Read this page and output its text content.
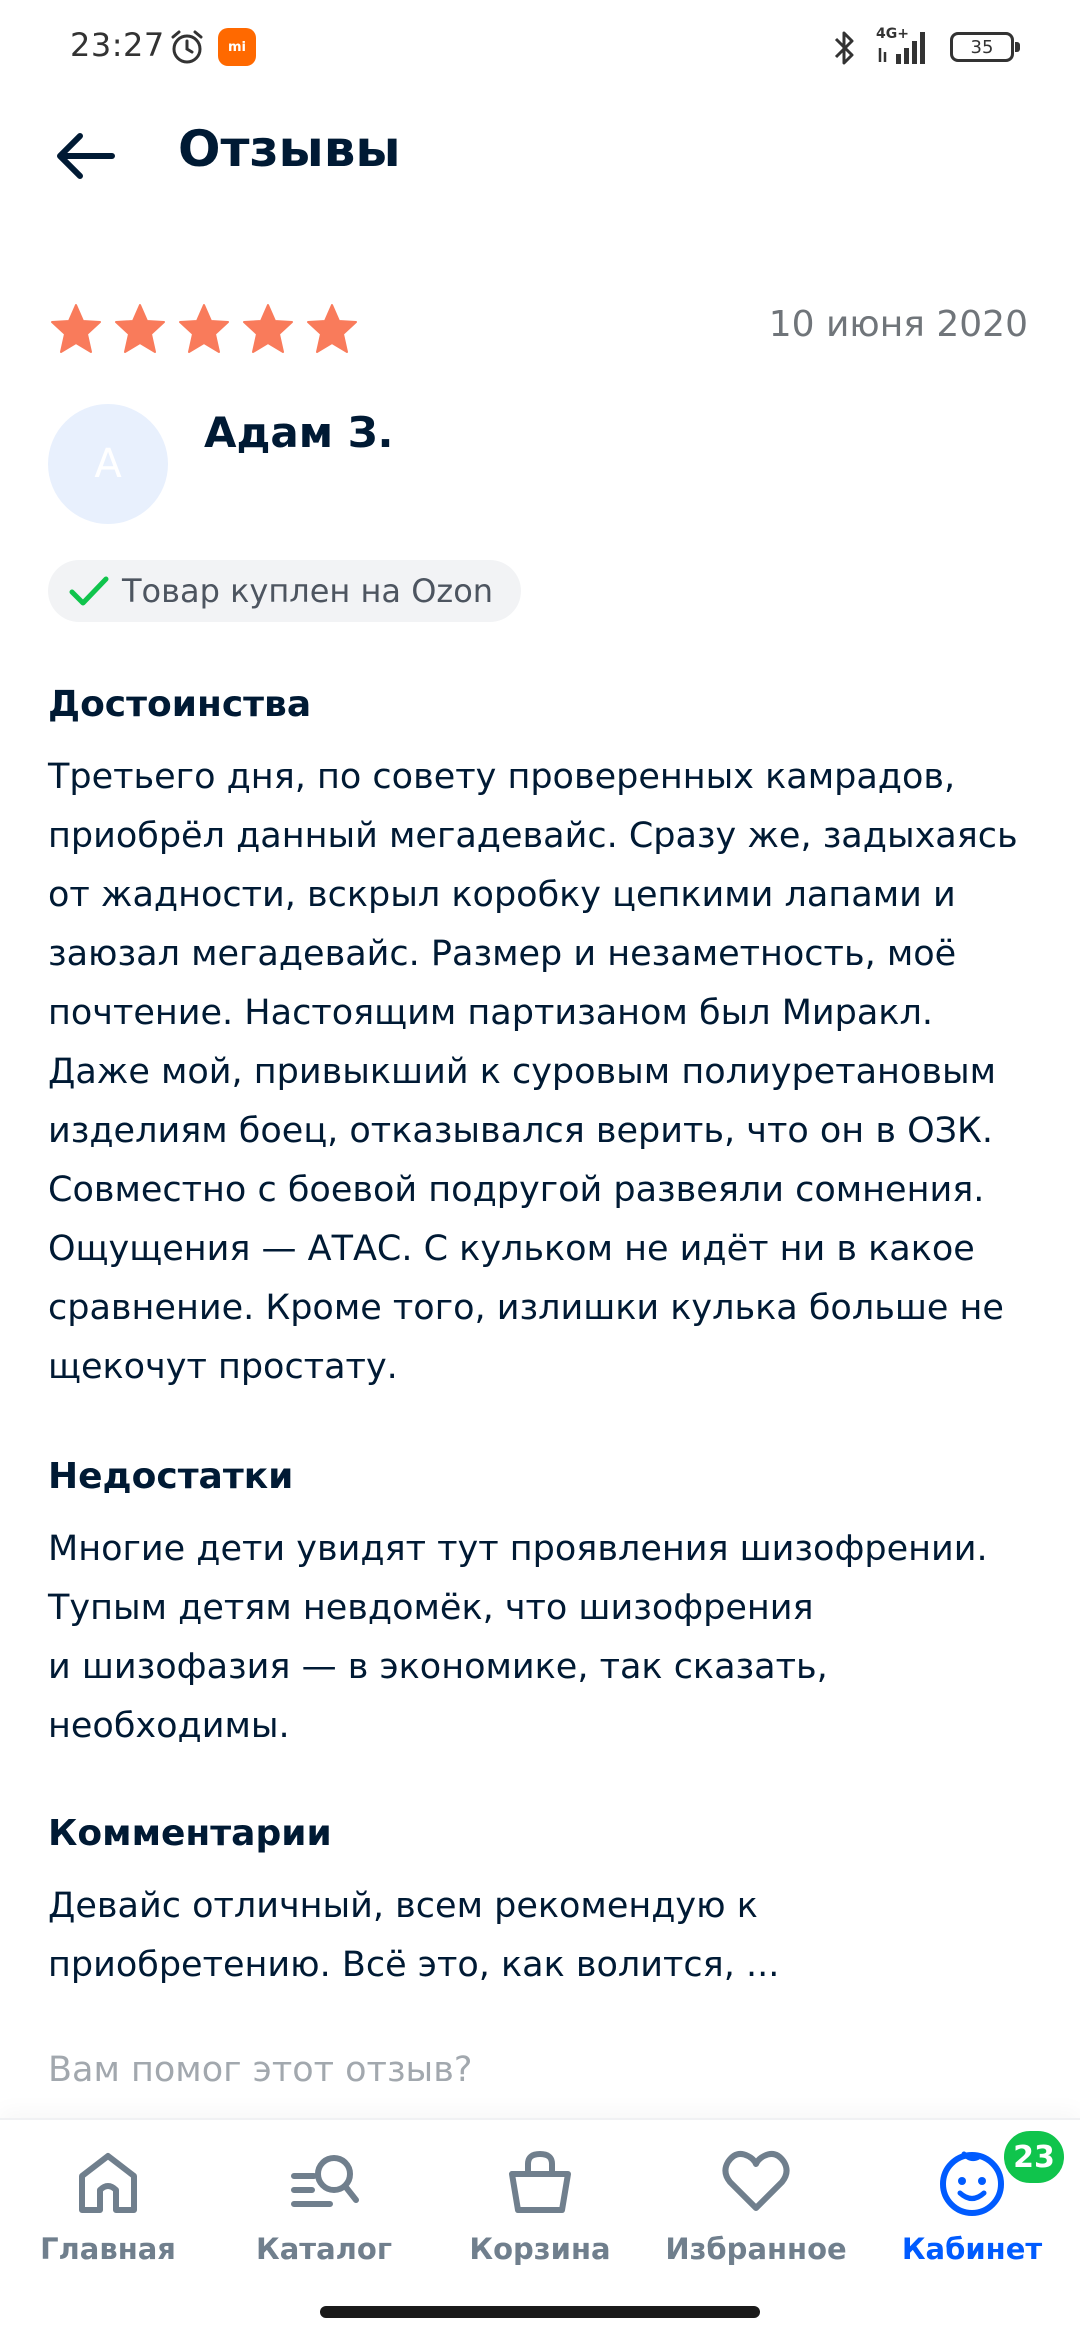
23:27	mi
4G+
35
Отзывы
10 июня 2020
А
Адам З.
Товар куплен на Ozon
Достоинства

Третьего дня, по совету проверенных камрадов,
приобрёл данный мегадевайс. Сразу же, задыхаясь
от жадности, вскрыл коробку цепкими лапами и
заюзал мегадевайс. Размер и незаметность, моё
почтение. Настоящим партизаном был Миракл.
Даже мой, привыкший к суровым полиуретановым
изделиям боец, отказывался верить, что он в ОЗК.
Совместно с боевой подругой развеяли сомнения.
Ощущения — АТАС. С кульком не идёт ни в какое
сравнение. Кроме того, излишки кулька больше не
щекочут простату.

Недостатки

Многие дети увидят тут проявления шизофрении.
Тупым детям невдомёк, что шизофрения
и шизофазия — в экономике, так сказать,
необходимы.

Комментарии

Девайс отличный, всем рекомендую к
приобретению. Всё это, как волится, ...

Вам помог этот отзыв?
Главная	Каталог	Корзина Избранное Кабинет
23
